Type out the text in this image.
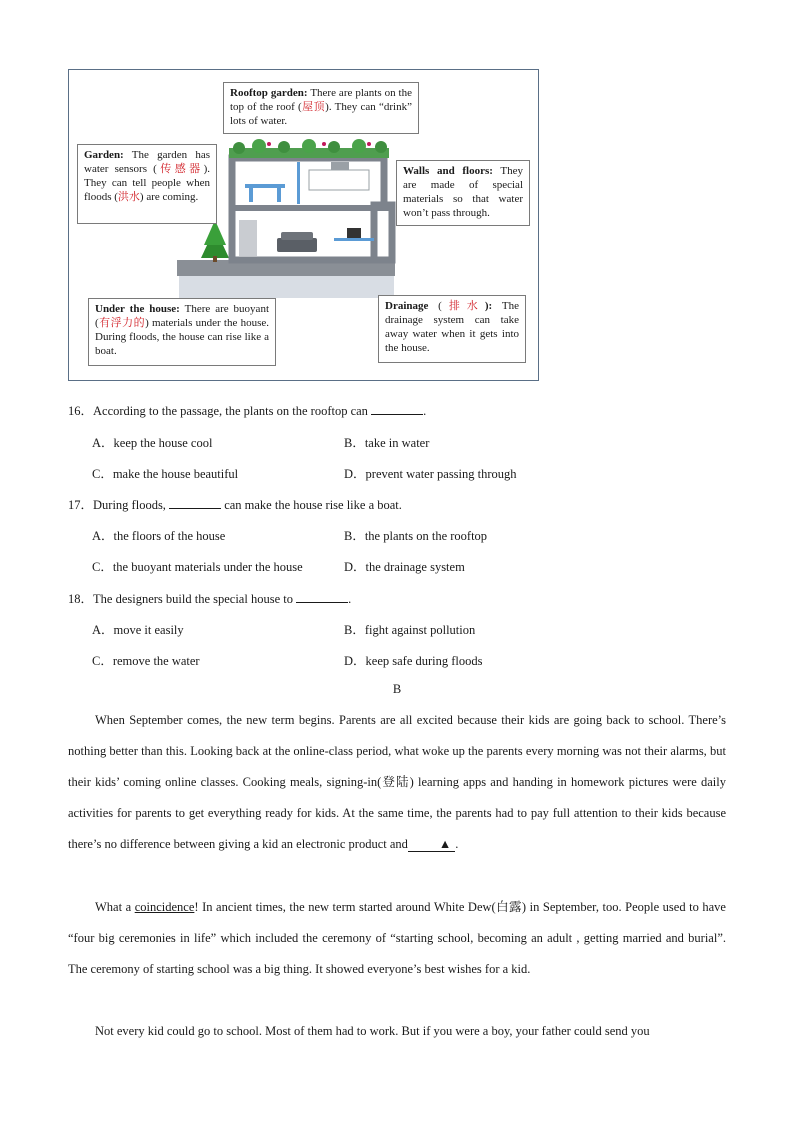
Rooftop garden: There are plants on the top of the roof (屋顶). They can “drink” lots of water.
Garden: The garden has water sensors (传感器). They can tell people when floods (洪水) are coming.
Walls and floors: They are made of special materials so that water won’t pass through.
Under the house: There are buoyant (有浮力的) materials under the house. During floods, the house can rise like a boat.
Drainage (排水): The drainage system can take away water when it gets into the house.
16．According to the passage, the plants on the rooftop can	.
A．keep the house cool	B．take in water
C．make the house beautiful	D．prevent water passing through
17．During floods,	can make the house rise like a boat.
A．the floors of the house	B．the plants on the rooftop
C．the buoyant materials under the house	D．the drainage system
18．The designers build the special house to	.
A．move it easily	B．fight against pollution
C．remove the water	D．keep safe during floods
B

When September comes, the new term begins. Parents are all excited because their kids are going back to school. There’s nothing better than this. Looking back at the online-class period, what woke up the parents every morning was not their alarms, but their kids’ coming online classes. Cooking meals, signing-in(登陆) learning apps and handing in homework pictures were daily activities for parents to get everything ready for kids. At the same time, the parents had to pay full attention to their kids because there’s no difference between giving a kid an electronic product and ▲ .

What a coincidence! In ancient times, the new term started around White Dew(白露) in September, too. People used to have “four big ceremonies in life” which included the ceremony of “starting school, becoming an adult , getting married and burial”. The ceremony of starting school was a big thing. It showed everyone’s best wishes for a kid.

Not every kid could go to school. Most of them had to work. But if you were a boy, your father could send you
